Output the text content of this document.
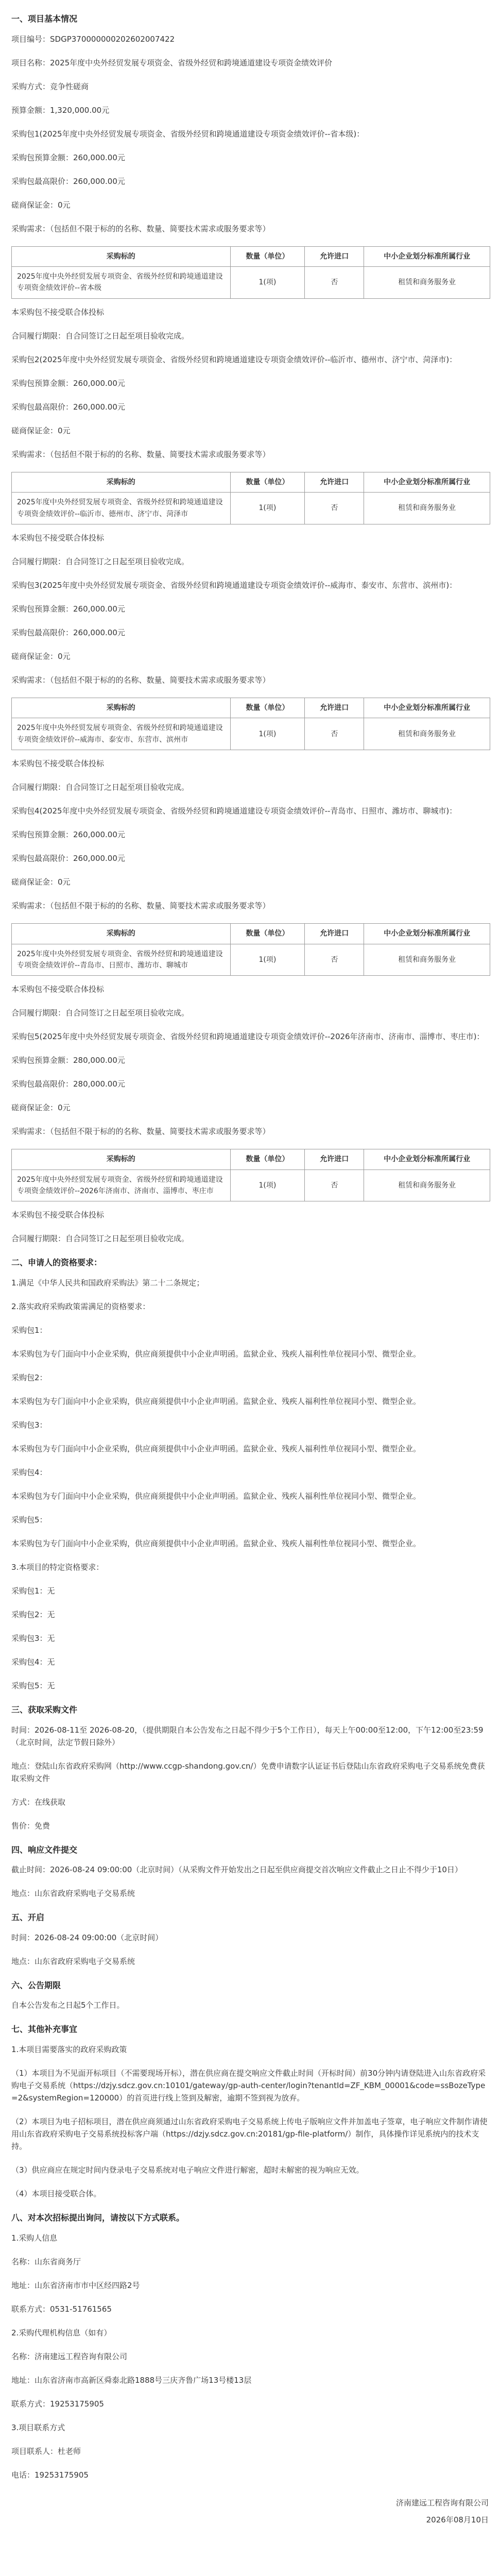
一、项目基本情况
项目编号：SDGP370000000202602007422
项目名称：2025年度中央外经贸发展专项资金、省级外经贸和跨境通道建设专项资金绩效评价
采购方式：竞争性磋商
预算金额：1,320,000.00元
采购包1(2025年度中央外经贸发展专项资金、省级外经贸和跨境通道建设专项资金绩效评价--省本级)：
采购包预算金额：260,000.00元
采购包最高限价：260,000.00元
磋商保证金：0元
采购需求：（包括但不限于标的的名称、数量、简要技术需求或服务要求等）
采购标的	数量（单位）	允许进口	中小企业划分标准所属行业
2025年度中央外经贸发展专项资金、省级外经贸和跨境通道建设专项资金绩效评价--省本级	1(项)	否	租赁和商务服务业
本采购包不接受联合体投标
合同履行期限：自合同签订之日起至项目验收完成。
采购包2(2025年度中央外经贸发展专项资金、省级外经贸和跨境通道建设专项资金绩效评价--临沂市、德州市、济宁市、菏泽市)：
采购包预算金额：260,000.00元
采购包最高限价：260,000.00元
磋商保证金：0元
采购需求：（包括但不限于标的的名称、数量、简要技术需求或服务要求等）
采购标的	数量（单位）	允许进口	中小企业划分标准所属行业
2025年度中央外经贸发展专项资金、省级外经贸和跨境通道建设专项资金绩效评价--临沂市、德州市、济宁市、菏泽市	1(项)	否	租赁和商务服务业
本采购包不接受联合体投标
合同履行期限：自合同签订之日起至项目验收完成。
采购包3(2025年度中央外经贸发展专项资金、省级外经贸和跨境通道建设专项资金绩效评价--威海市、泰安市、东营市、滨州市)：
采购包预算金额：260,000.00元
采购包最高限价：260,000.00元
磋商保证金：0元
采购需求：（包括但不限于标的的名称、数量、简要技术需求或服务要求等）
采购标的	数量（单位）	允许进口	中小企业划分标准所属行业
2025年度中央外经贸发展专项资金、省级外经贸和跨境通道建设专项资金绩效评价--威海市、泰安市、东营市、滨州市	1(项)	否	租赁和商务服务业
本采购包不接受联合体投标
合同履行期限：自合同签订之日起至项目验收完成。
采购包4(2025年度中央外经贸发展专项资金、省级外经贸和跨境通道建设专项资金绩效评价--青岛市、日照市、潍坊市、聊城市)：
采购包预算金额：260,000.00元
采购包最高限价：260,000.00元
磋商保证金：0元
采购需求：（包括但不限于标的的名称、数量、简要技术需求或服务要求等）
采购标的	数量（单位）	允许进口	中小企业划分标准所属行业
2025年度中央外经贸发展专项资金、省级外经贸和跨境通道建设专项资金绩效评价--青岛市、日照市、潍坊市、聊城市	1(项)	否	租赁和商务服务业
本采购包不接受联合体投标
合同履行期限：自合同签订之日起至项目验收完成。
采购包5(2025年度中央外经贸发展专项资金、省级外经贸和跨境通道建设专项资金绩效评价--2026年济南市、济南市、淄博市、枣庄市)：
采购包预算金额：280,000.00元
采购包最高限价：280,000.00元
磋商保证金：0元
采购需求：（包括但不限于标的的名称、数量、简要技术需求或服务要求等）
采购标的	数量（单位）	允许进口	中小企业划分标准所属行业
2025年度中央外经贸发展专项资金、省级外经贸和跨境通道建设专项资金绩效评价--2026年济南市、济南市、淄博市、枣庄市	1(项)	否	租赁和商务服务业
本采购包不接受联合体投标
合同履行期限：自合同签订之日起至项目验收完成。
二、申请人的资格要求：
1.满足《中华人民共和国政府采购法》第二十二条规定；
2.落实政府采购政策需满足的资格要求：
采购包1：
本采购包为专门面向中小企业采购，供应商须提供中小企业声明函。监狱企业、残疾人福利性单位视同小型、微型企业。
采购包2：
本采购包为专门面向中小企业采购，供应商须提供中小企业声明函。监狱企业、残疾人福利性单位视同小型、微型企业。
采购包3：
本采购包为专门面向中小企业采购，供应商须提供中小企业声明函。监狱企业、残疾人福利性单位视同小型、微型企业。
采购包4：
本采购包为专门面向中小企业采购，供应商须提供中小企业声明函。监狱企业、残疾人福利性单位视同小型、微型企业。
采购包5：
本采购包为专门面向中小企业采购，供应商须提供中小企业声明函。监狱企业、残疾人福利性单位视同小型、微型企业。
3.本项目的特定资格要求：
采购包1：无
采购包2：无
采购包3：无
采购包4：无
采购包5：无
三、获取采购文件
时间：2026-08-11至 2026-08-20，（提供期限自本公告发布之日起不得少于5个工作日），每天上午00:00至12:00，下午12:00至23:59（北京时间，法定节假日除外）
地点：登陆山东省政府采购网（http://www.ccgp-shandong.gov.cn/）免费申请数字认证证书后登陆山东省政府采购电子交易系统免费获取采购文件
方式：在线获取
售价：免费
四、响应文件提交
截止时间：2026-08-24 09:00:00（北京时间）（从采购文件开始发出之日起至供应商提交首次响应文件截止之日止不得少于10日）
地点：山东省政府采购电子交易系统
五、开启
时间：2026-08-24 09:00:00（北京时间）
地点：山东省政府采购电子交易系统
六、公告期限
自本公告发布之日起5个工作日。
七、其他补充事宜
1.本项目需要落实的政府采购政策
（1）本项目为不见面开标项目（不需要现场开标），潜在供应商在提交响应文件截止时间（开标时间）前30分钟内请登陆进入山东省政府采购电子交易系统（https://dzjy.sdcz.gov.cn:10101/gateway/gp-auth-center/login?tenantId=ZF_KBM_00001&code=ssBozeType=2&systemRegion=120000）的首页进行线上签到及解密，逾期不签到视为放弃。
（2）本项目为电子招标项目，潜在供应商须通过山东省政府采购电子交易系统上传电子版响应文件并加盖电子签章，电子响应文件制作请使用山东省政府采购电子交易系统投标客户端（https://dzjy.sdcz.gov.cn:20181/gp-file-platform/）制作，具体操作详见系统内的技术支持。
（3）供应商应在规定时间内登录电子交易系统对电子响应文件进行解密，超时未解密的视为响应无效。
（4）本项目接受联合体。
八、对本次招标提出询问，请按以下方式联系。
1.采购人信息
名称：山东省商务厅
地址：山东省济南市市中区经四路2号
联系方式：0531-51761565
2.采购代理机构信息（如有）
名称：济南建远工程咨询有限公司
地址：山东省济南市高新区舜泰北路1888号三庆齐鲁广场13号楼13层
联系方式：19253175905
3.项目联系方式
项目联系人：杜老师
电话：19253175905
济南建远工程咨询有限公司
2026年08月10日
